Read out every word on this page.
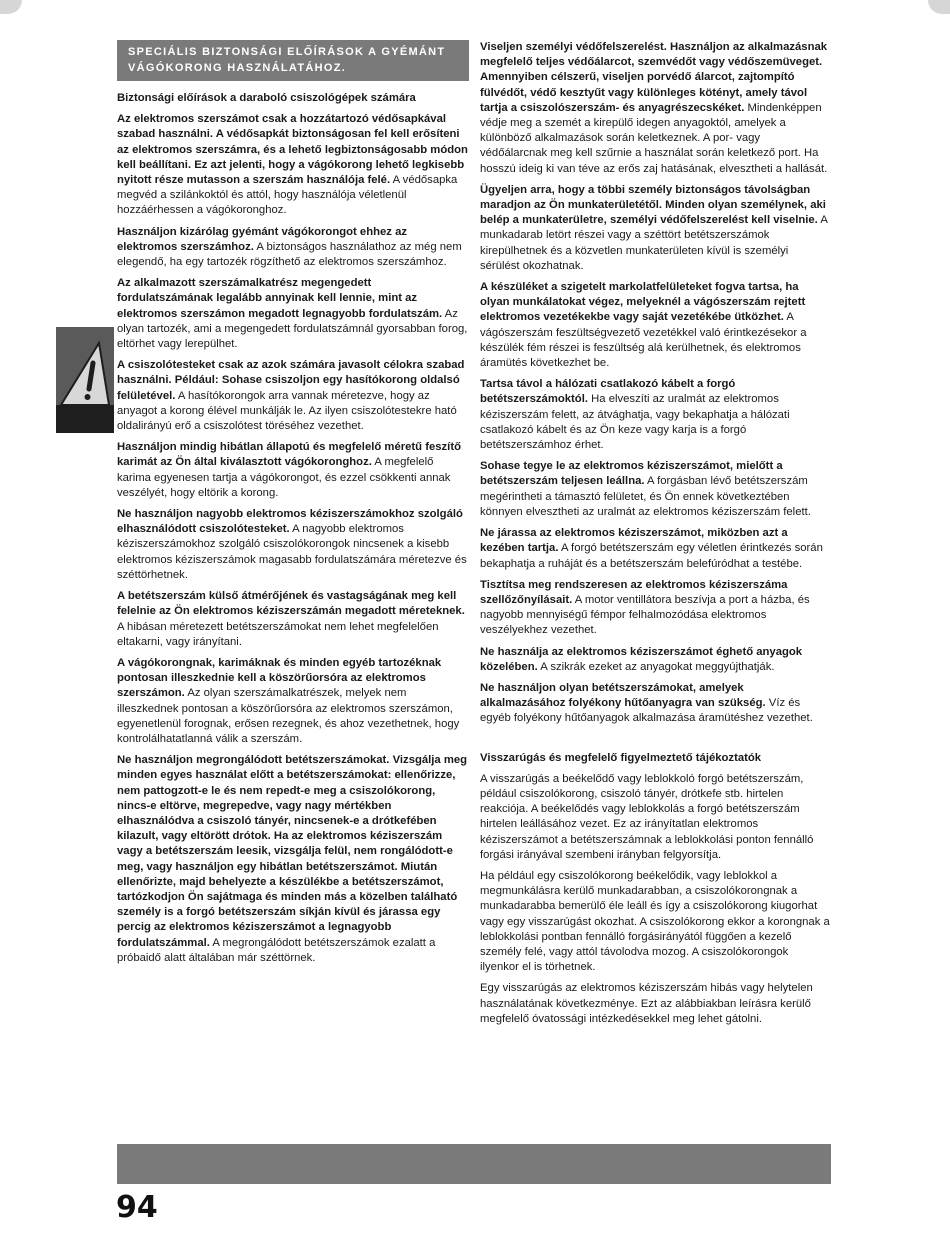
SPECIÁLIS BIZTONSÁGI ELŐÍRÁSOK A GYÉMÁNT VÁGÓKORONG HASZNÁLATÁHOZ.

Biztonsági előírások a daraboló csiszológépek számára

Az elektromos szerszámot csak a hozzátartozó védősapkával szabad használni. A védősapkát biztonságosan fel kell erősíteni az elektromos szerszámra, és a lehető legbiztonságosabb módon kell beállítani. Ez azt jelenti, hogy a vágókorong lehető legkisebb nyitott része mutasson a szerszám használója felé. A védősapka megvéd a szilánkoktól és attól, hogy használója véletlenül hozzáérhessen a vágókoronghoz.

Használjon kizárólag gyémánt vágókorongot ehhez az elektromos szerszámhoz. A biztonságos használathoz az még nem elegendő, ha egy tartozék rögzíthető az elektromos szerszámhoz.

Az alkalmazott szerszámalkatrész megengedett fordulatszámának legalább annyinak kell lennie, mint az elektromos szerszámon megadott legnagyobb fordulatszám. Az olyan tartozék, ami a megengedett fordulatszámnál gyorsabban forog, eltörhet vagy lerepülhet.

A csiszolótesteket csak az azok számára javasolt célokra szabad használni. Például: Sohase csiszoljon egy hasítókorong oldalsó felületével. A hasítókorongok arra vannak méretezve, hogy az anyagot a korong élével munkálják le. Az ilyen csiszolótestekre ható oldalirányú erő a csiszolótest töréséhez vezethet.

Használjon mindig hibátlan állapotú és megfelelő méretű feszítő karimát az Ön által kiválasztott vágókoronghoz. A megfelelő karima egyenesen tartja a vágókorongot, és ezzel csökkenti annak veszélyét, hogy eltörik a korong.

Ne használjon nagyobb elektromos kéziszerszámokhoz szolgáló elhasználódott csiszolótesteket. A nagyobb elektromos kéziszerszámokhoz szolgáló csiszolókorongok nincsenek a kisebb elektromos kéziszerszámok magasabb fordulatszámára méretezve és széttörhetnek.

A betétszerszám külső átmérőjének és vastagságának meg kell felelnie az Ön elektromos kéziszerszámán megadott méreteknek. A hibásan méretezett betétszerszámokat nem lehet megfelelően eltakarni, vagy irányítani.

A vágókorongnak, karimáknak és minden egyéb tartozéknak pontosan illeszkednie kell a köszörűorsóra az elektromos szerszámon. Az olyan szerszámalkatrészek, melyek nem illeszkednek pontosan a köszörűorsóra az elektromos szerszámon, egyenetlenül forognak, erősen rezegnek, és ahoz vezethetnek, hogy kontrolálhatatlanná válik a szerszám.

Ne használjon megrongálódott betétszerszámokat. Vizsgálja meg minden egyes használat előtt a betétszerszámokat: ellenőrizze, nem pattogzott-e le és nem repedt-e meg a csiszolókorong, nincs-e eltörve, megrepedve, vagy nagy mértékben elhasználódva a csiszoló tányér, nincsenek-e a drótkefében kilazult, vagy eltörött drótok. Ha az elektromos kéziszerszám vagy a betétszerszám leesik, vizsgálja felül, nem rongálódott-e meg, vagy használjon egy hibátlan betétszerszámot. Miután ellenőrizte, majd behelyezte a készülékbe a betétszerszámot, tartózkodjon Ön sajátmaga és minden más a közelben található személy is a forgó betétszerszám síkján kívül és járassa egy percig az elektromos kéziszerszámot a legnagyobb fordulatszámmal. A megrongálódott betétszerszámok ezalatt a próbaidő alatt általában már széttörnek.

Viseljen személyi védőfelszerelést. Használjon az alkalmazásnak megfelelő teljes védőálarcot, szemvédőt vagy védőszemüveget. Amennyiben célszerű, viseljen porvédő álarcot, zajtompító fülvédőt, védő kesztyűt vagy különleges kötényt, amely távol tartja a csiszolószerszám- és anyagrészecskéket. Mindenképpen védje meg a szemét a kirepülő idegen anyagoktól, amelyek a különböző alkalmazások során keletkeznek. A por- vagy védőálarcnak meg kell szűrnie a használat során keletkező port. Ha hosszú ideig ki van téve az erős zaj hatásának, elvesztheti a hallását.

Ügyeljen arra, hogy a többi személy biztonságos távolságban maradjon az Ön munkaterületétől. Minden olyan személynek, aki belép a munkaterületre, személyi védőfelszerelést kell viselnie. A munkadarab letört részei vagy a széttört betétszerszámok kirepülhetnek és a közvetlen munkaterületen kívül is személyi sérülést okozhatnak.

A készüléket a szigetelt markolatfelületeket fogva tartsa, ha olyan munkálatokat végez, melyeknél a vágószerszám rejtett elektromos vezetékekbe vagy saját vezetékébe ütközhet. A vágószerszám feszültségvezető vezetékkel való érintkezésekor a készülék fém részei is feszültség alá kerülhetnek, és elektromos áramütés következhet be.

Tartsa távol a hálózati csatlakozó kábelt a forgó betétszerszámoktól. Ha elveszíti az uralmát az elektromos kéziszerszám felett, az átvághatja, vagy bekaphatja a hálózati csatlakozó kábelt és az Ön keze vagy karja is a forgó betétszerszámhoz érhet.

Sohase tegye le az elektromos kéziszerszámot, mielőtt a betétszerszám teljesen leállna. A forgásban lévő betétszerszám megérintheti a támasztó felületet, és Ön ennek következtében könnyen elvesztheti az uralmát az elektromos kéziszerszám felett.

Ne járassa az elektromos kéziszerszámot, miközben azt a kezében tartja. A forgó betétszerszám egy véletlen érintkezés során bekaphatja a ruháját és a betétszerszám belefúródhat a testébe.

Tisztítsa meg rendszeresen az elektromos kéziszerszáma szellőzőnyílásait. A motor ventillátora beszívja a port a házba, és nagyobb mennyiségű fémpor felhalmozódása elektromos veszélyekhez vezethet.

Ne használja az elektromos kéziszerszámot éghető anyagok közelében. A szikrák ezeket az anyagokat meggyújthatják.

Ne használjon olyan betétszerszámokat, amelyek alkalmazásához folyékony hűtőanyagra van szükség. Víz és egyéb folyékony hűtőanyagok alkalmazása áramütéshez vezethet.

Visszarúgás és megfelelő figyelmeztető tájékoztatók

A visszarúgás a beékelődő vagy leblokkoló forgó betétszerszám, például csiszolókorong, csiszoló tányér, drótkefe stb. hirtelen reakciója. A beékelődés vagy leblokkolás a forgó betétszerszám hirtelen leállásához vezet. Ez az irányítatlan elektromos kéziszerszámot a betétszerszámnak a leblokkolási ponton fennálló forgási irányával szembeni irányban felgyorsítja.

Ha például egy csiszolókorong beékelődik, vagy leblokkol a megmunkálásra kerülő munkadarabban, a csiszolókorongnak a munkadarabba bemerülő éle leáll és így a csiszolókorong kiugorhat vagy egy visszarúgást okozhat. A csiszolókorong ekkor a korongnak a leblokkolási pontban fennálló forgásirányától függően a kezelő személy felé, vagy attól távolodva mozog. A csiszolókorongok ilyenkor el is törhetnek.

Egy visszarúgás az elektromos kéziszerszám hibás vagy helytelen használatának következménye. Ezt az alábbiakban leírásra kerülő megfelelő óvatossági intézkedésekkel meg lehet gátolni.

94
